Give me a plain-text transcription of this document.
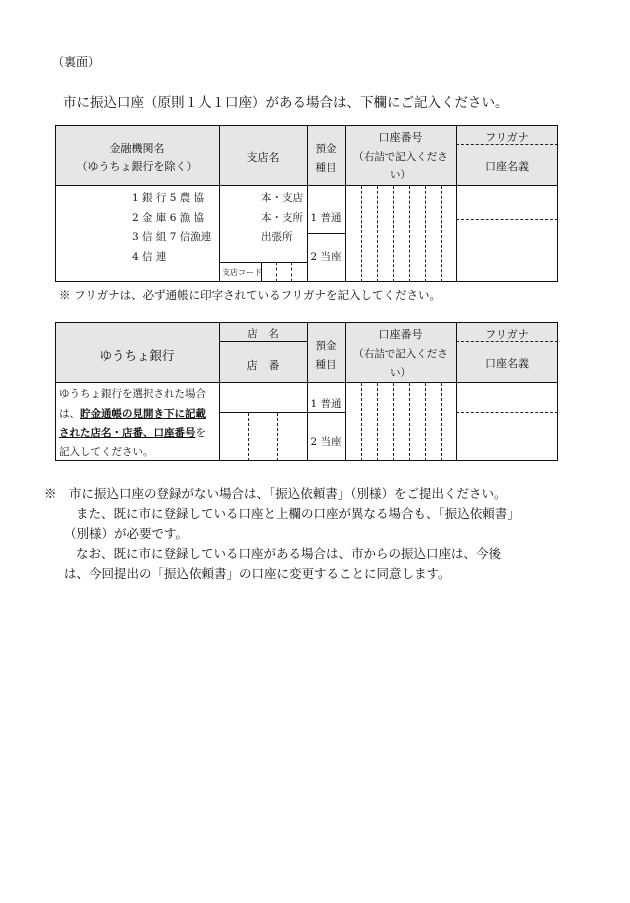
（裏面）
市に振込口座（原則１人１口座）がある場合は、下欄にご記入ください。
金融機関名
（ゆうちょ銀行を除く）
支店名
預金
種目
口座番号
（右詰で記入くださ
い）
フリガナ
口座名義
1 銀 行 5 農 協
2 金 庫 6 漁 協
3 信 組 7 信漁連
4 信 連
本・支店
本・支所
出張所
支店コード
1 普通
2 当座
※ フリガナは、必ず通帳に印字されているフリガナを記入してください。
ゆうちょ銀行
店　名
店　番
預金
種目
口座番号
（右詰で記入くださ
い）
フリガナ
口座名義
ゆうちょ銀行を選択された場合
は、貯金通帳の見開き下に記載
された店名・店番、口座番号を
記入してください。
1 普通
2 当座
※　市に振込口座の登録がない場合は、「振込依頼書」（別様）をご提出ください。
また、既に市に登録している口座と上欄の口座が異なる場合も、「振込依頼書」
（別様）が必要です。
なお、既に市に登録している口座がある場合は、市からの振込口座は、今後
は、今回提出の「振込依頼書」の口座に変更することに同意します。
